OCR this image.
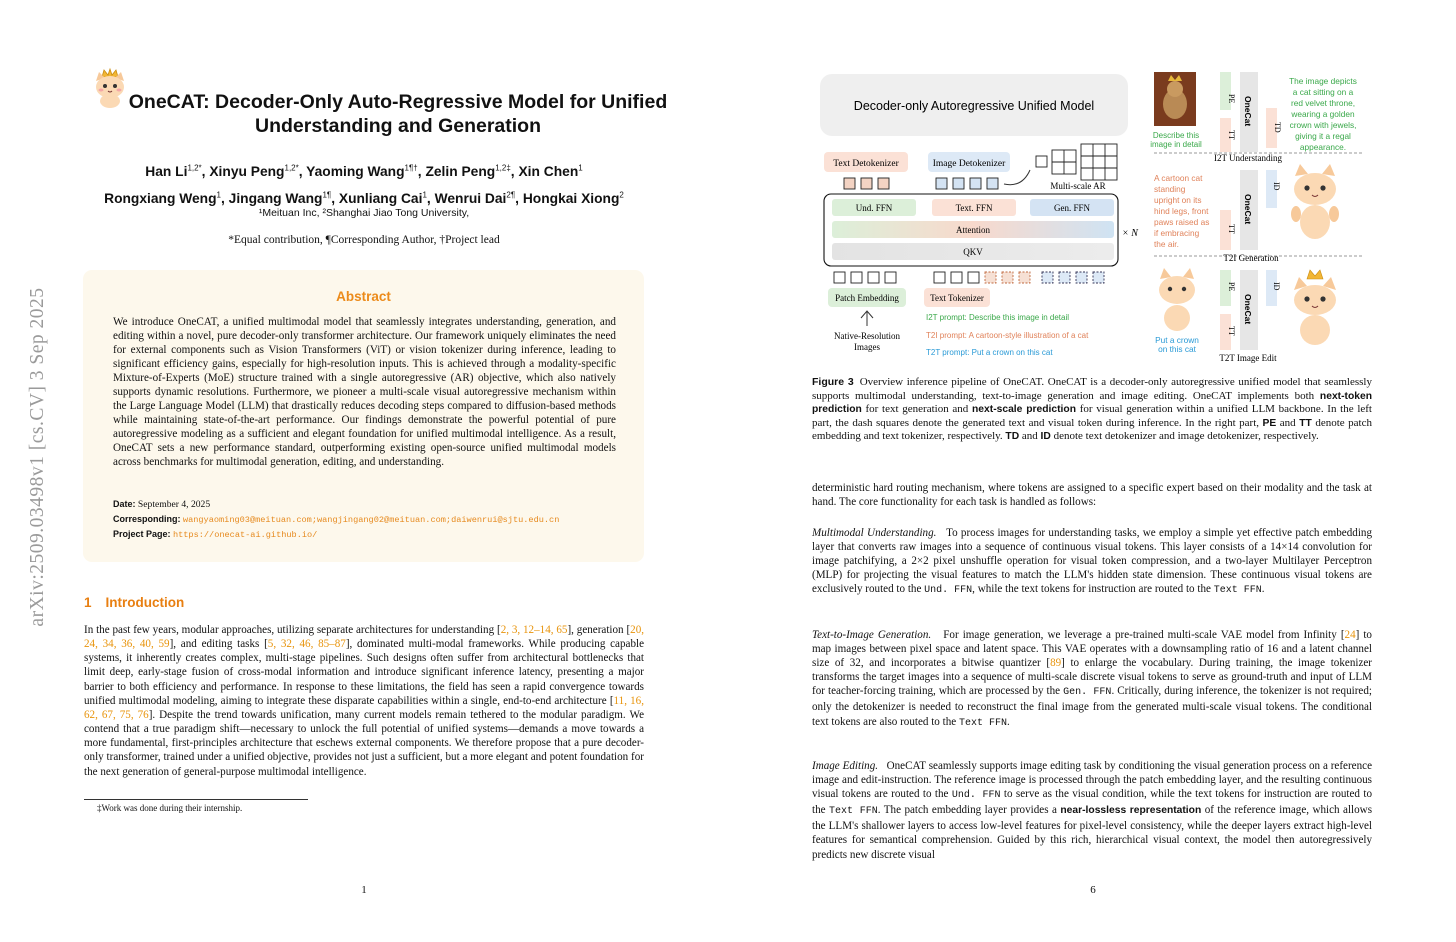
arXiv:2509.03498v1 [cs.CV] 3 Sep 2025
OneCAT: Decoder-Only Auto-Regressive Model for Unified Understanding and Generation
Han $Li^{1,2*}$, Xinyu Peng$^{1,2*}$, Yaoming Wang$^{1\P\dagger}$, Zelin Peng$^{1,2\ddagger}$, Xin Chen$^1$
Rongxiang Weng$^1$, Jingang Wang$^{1\P}$, Xunliang Cai$^1$, Wenrui Dai$^{2\P}$, Hongkai Xiong$^2$
¹Meituan Inc, ²Shanghai Jiao Tong University,
*Equal contribution, ¶Corresponding Author, †Project lead
Abstract

We introduce OneCAT, a unified multimodal model that seamlessly integrates understanding, generation, and editing within a novel, pure decoder-only transformer architecture. Our framework uniquely eliminates the need for external components such as Vision Transformers (ViT) or vision tokenizer during inference, leading to significant efficiency gains, especially for high-resolution inputs. This is achieved through a modality-specific Mixture-of-Experts (MoE) structure trained with a single autoregressive (AR) objective, which also natively supports dynamic resolutions. Furthermore, we pioneer a multi-scale visual autoregressive mechanism within the Large Language Model (LLM) that drastically reduces decoding steps compared to diffusion-based methods while maintaining state-of-the-art performance. Our findings demonstrate the powerful potential of pure autoregressive modeling as a sufficient and elegant foundation for unified multimodal intelligence. As a result, OneCAT sets a new performance standard, outperforming existing open-source unified multimodal models across benchmarks for multimodal generation, editing, and understanding.

Date: September 4, 2025
Corresponding: wangyaoming03@meituan.com;wangjingang02@meituan.com;daiwenrui@sjtu.edu.cn
Project Page: https://onecat-ai.github.io/
1 Introduction

In the past few years, modular approaches, utilizing separate architectures for understanding [2, 3, 12–14, 65], generation [20, 24, 34, 36, 40, 59], and editing tasks [5, 32, 46, 85–87], dominated multi-modal frameworks. While producing capable systems, it inherently creates complex, multi-stage pipelines. Such designs often suffer from architectural bottlenecks that limit deep, early-stage fusion of cross-modal information and introduce significant inference latency, presenting a major barrier to both efficiency and performance. In response to these limitations, the field has seen a rapid convergence towards unified multimodal modeling, aiming to integrate these disparate capabilities within a single, end-to-end architecture [11, 16, 62, 67, 75, 76]. Despite the trend towards unification, many current models remain tethered to the modular paradigm. We contend that a true paradigm shift—necessary to unlock the full potential of unified systems—demands a move towards a more fundamental, first-principles architecture that eschews external components. We therefore propose that a pure decoder-only transformer, trained under a unified objective, provides not just a sufficient, but a more elegant and potent foundation for the next generation of general-purpose multimodal intelligence.

‡Work was done during their internship.
1
Decoder-only Autoregressive Unified Model
Text Detokenizer	Image Detokenizer
Multi-scale AR
Und. FFN	Text. FFN	Gen. FFN
Attention
QKV
× N
Patch Embedding	Text Tokenizer
Native-Resolution
Images
I2T prompt: Describe this image in detail
T2I prompt: A cartoon-style illustration of a cat
T2T prompt: Put a crown on this cat
Describe this
image in detail
PE
TT
OneCat
TD
The image depicts
a cat sitting on a
red velvet throne,
wearing a golden
crown with jewels,
giving it a regal
appearance.
I2T Understanding
A cartoon cat
standing
upright on its
hind legs, front
paws raised as
if embracing
the air.
TT
OneCat
ID
T2I Generation
Put a crown
on this cat
PE
TT
OneCat
ID
T2T Image Edit

Figure 3 Overview inference pipeline of OneCAT. OneCAT is a decoder-only autoregressive unified model that seamlessly supports multimodal understanding, text-to-image generation and image editing. OneCAT implements both next-token prediction for text generation and next-scale prediction for visual generation within a unified LLM backbone. In the left part, the dash squares denote the generated text and visual token during inference. In the right part, PE and TT denote patch embedding and text tokenizer, respectively. TD and ID denote text detokenizer and image detokenizer, respectively.

deterministic hard routing mechanism, where tokens are assigned to a specific expert based on their modality and the task at hand. The core functionality for each task is handled as follows:

Multimodal Understanding. To process images for understanding tasks, we employ a simple yet effective patch embedding layer that converts raw images into a sequence of continuous visual tokens. This layer consists of a 14×14 convolution for image patchifying, a 2×2 pixel unshuffle operation for visual token compression, and a two-layer Multilayer Perceptron (MLP) for projecting the visual features to match the LLM's hidden state dimension. These continuous visual tokens are exclusively routed to the Und. FFN, while the text tokens for instruction are routed to the Text FFN.

Text-to-Image Generation. For image generation, we leverage a pre-trained multi-scale VAE model from Infinity [24] to map images between pixel space and latent space. This VAE operates with a downsampling ratio of 16 and a latent channel size of 32, and incorporates a bitwise quantizer [89] to enlarge the vocabulary. During training, the image tokenizer transforms the target images into a sequence of multi-scale discrete visual tokens to serve as ground-truth and input of LLM for teacher-forcing training, which are processed by the Gen. FFN. Critically, during inference, the tokenizer is not required; only the detokenizer is needed to reconstruct the final image from the generated multi-scale visual tokens. The conditional text tokens are also routed to the Text FFN.

Image Editing. OneCAT seamlessly supports image editing task by conditioning the visual generation process on a reference image and edit-instruction. The reference image is processed through the patch embedding layer, and the resulting continuous visual tokens are routed to the Und. FFN to serve as the visual condition, while the text tokens for instruction are routed to the Text FFN. The patch embedding layer provides a near-lossless representation of the reference image, which allows the LLM's shallower layers to access low-level features for pixel-level consistency, while the deeper layers extract high-level features for semantical comprehension. Guided by this rich, hierarchical visual context, the model then autoregressively predicts new discrete visual

6
